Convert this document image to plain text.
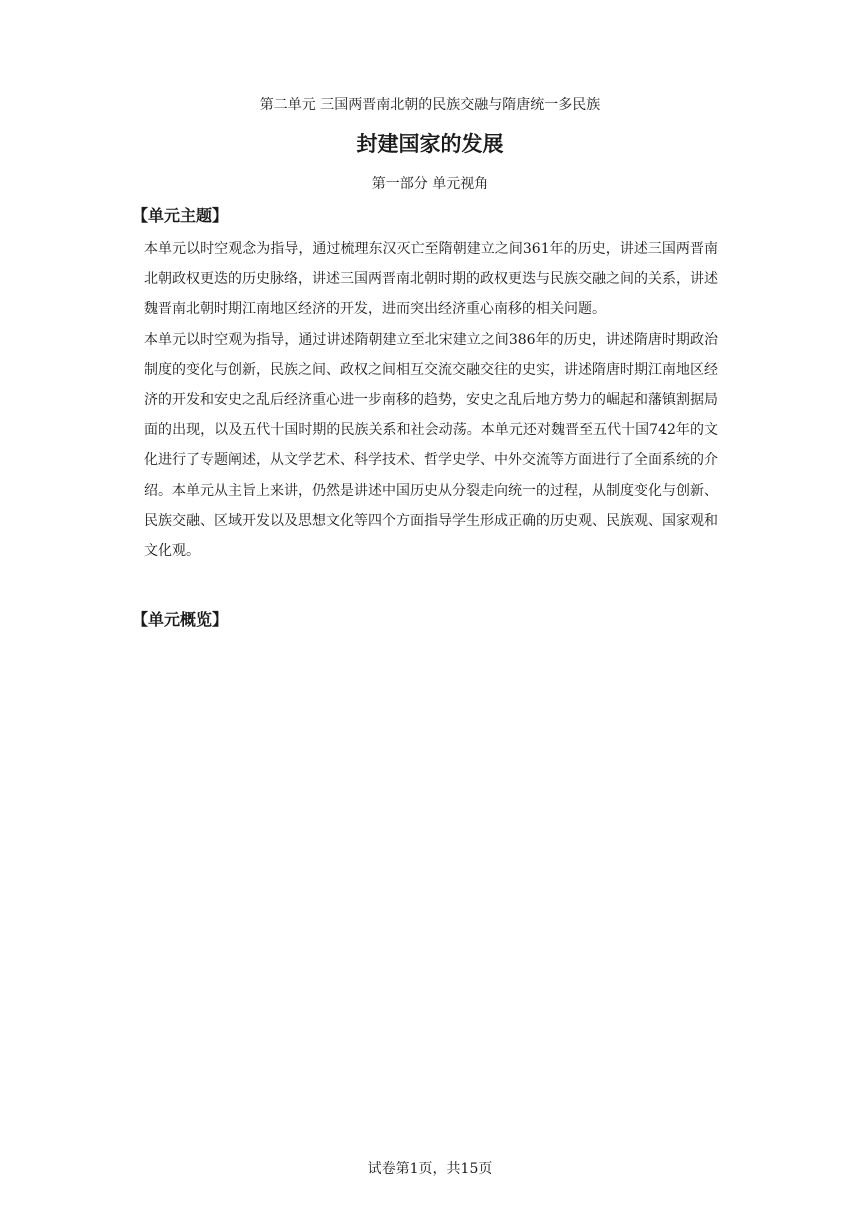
第二单元 三国两晋南北朝的民族交融与隋唐统一多民族
封建国家的发展
第一部分 单元视角
【单元主题】

本单元以时空观念为指导，通过梳理东汉灭亡至隋朝建立之间361年的历史，讲述三国两晋南北朝政权更迭的历史脉络，讲述三国两晋南北朝时期的政权更迭与民族交融之间的关系，讲述魏晋南北朝时期江南地区经济的开发，进而突出经济重心南移的相关问题。

本单元以时空观为指导，通过讲述隋朝建立至北宋建立之间386年的历史，讲述隋唐时期政治制度的变化与创新，民族之间、政权之间相互交流交融交往的史实，讲述隋唐时期江南地区经济的开发和安史之乱后经济重心进一步南移的趋势，安史之乱后地方势力的崛起和藩镇割据局面的出现，以及五代十国时期的民族关系和社会动荡。本单元还对魏晋至五代十国742年的文化进行了专题阐述，从文学艺术、科学技术、哲学史学、中外交流等方面进行了全面系统的介绍。本单元从主旨上来讲，仍然是讲述中国历史从分裂走向统一的过程，从制度变化与创新、民族交融、区域开发以及思想文化等四个方面指导学生形成正确的历史观、民族观、国家观和文化观。

【单元概览】
试卷第1页，共15页
